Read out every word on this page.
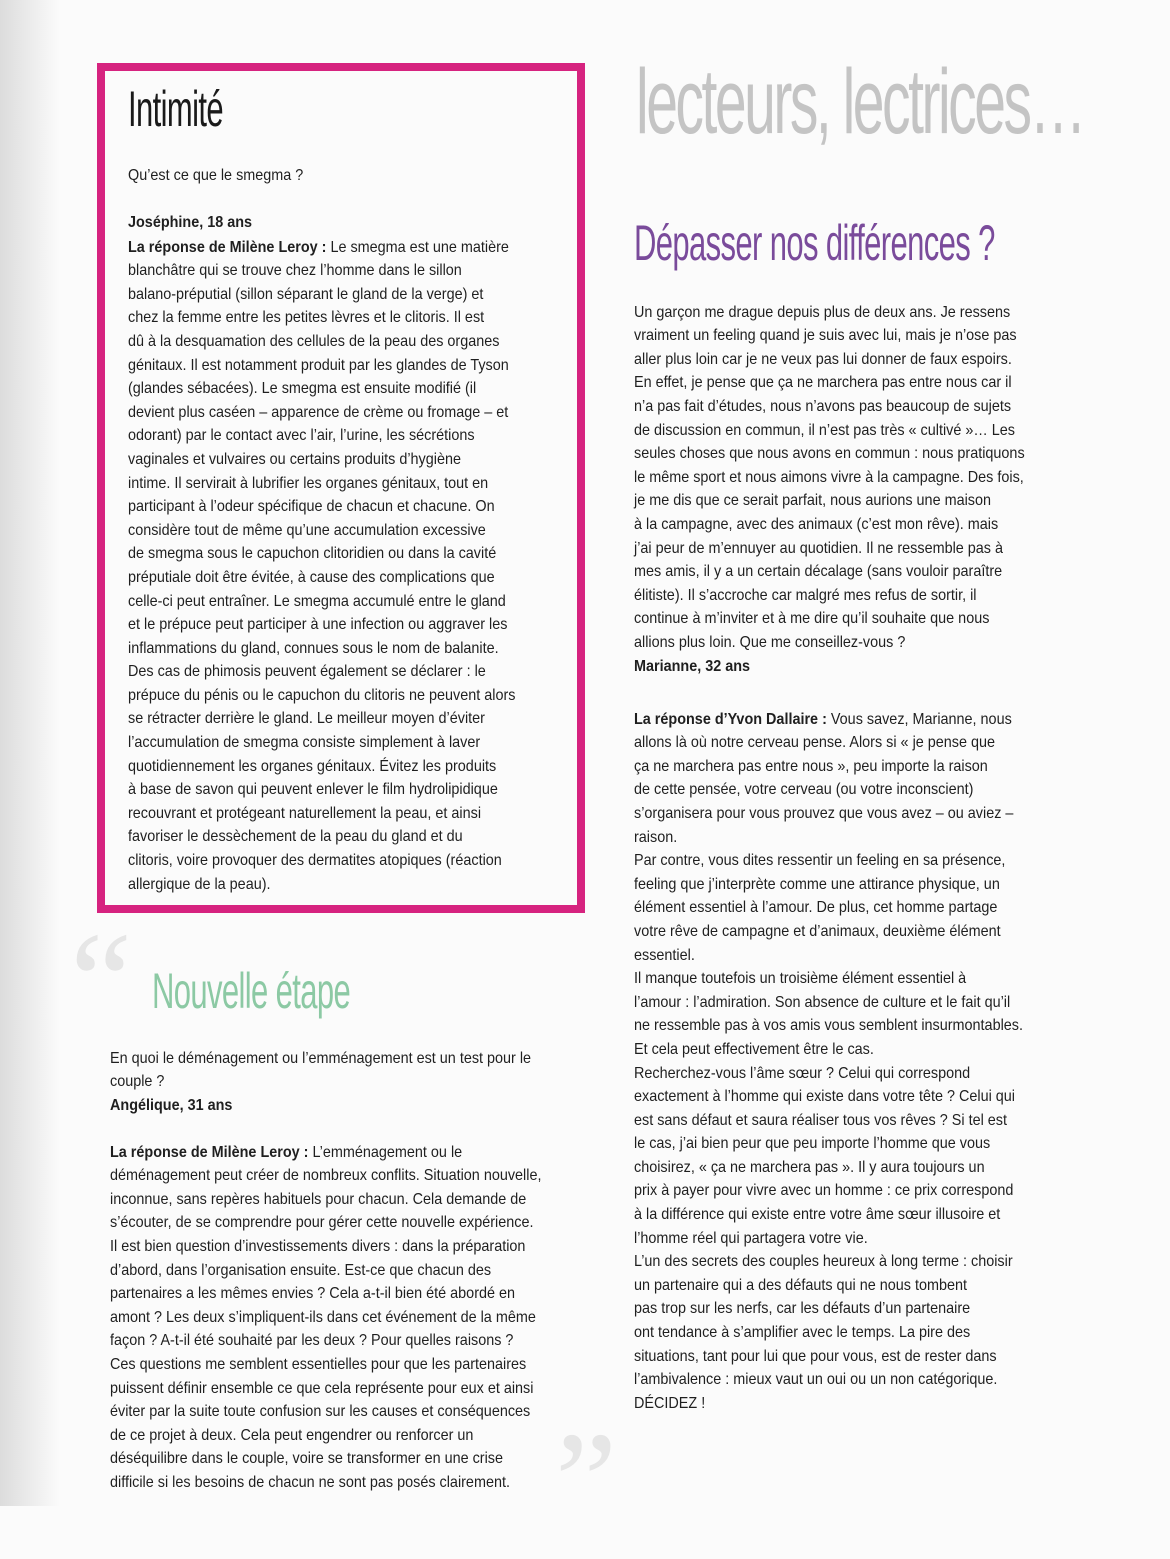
lecteurs, lectrices…
Intimité

Qu’est ce que le smegma ?

Joséphine, 18 ans

La réponse de Milène Leroy : Le smegma est une matière
blanchâtre qui se trouve chez l’homme dans le sillon
balano-préputial (sillon séparant le gland de la verge) et
chez la femme entre les petites lèvres et le clitoris. Il est
dû à la desquamation des cellules de la peau des organes
génitaux. Il est notamment produit par les glandes de Tyson
(glandes sébacées). Le smegma est ensuite modifié (il
devient plus caséen – apparence de crème ou fromage – et
odorant) par le contact avec l’air, l’urine, les sécrétions
vaginales et vulvaires ou certains produits d’hygiène
intime. Il servirait à lubrifier les organes génitaux, tout en
participant à l’odeur spécifique de chacun et chacune. On
considère tout de même qu’une accumulation excessive
de smegma sous le capuchon clitoridien ou dans la cavité
préputiale doit être évitée, à cause des complications que
celle-ci peut entraîner. Le smegma accumulé entre le gland
et le prépuce peut participer à une infection ou aggraver les
inflammations du gland, connues sous le nom de balanite.
Des cas de phimosis peuvent également se déclarer : le
prépuce du pénis ou le capuchon du clitoris ne peuvent alors
se rétracter derrière le gland. Le meilleur moyen d’éviter
l’accumulation de smegma consiste simplement à laver
quotidiennement les organes génitaux. Évitez les produits
à base de savon qui peuvent enlever le film hydrolipidique
recouvrant et protégeant naturellement la peau, et ainsi
favoriser le dessèchement de la peau du gland et du
clitoris, voire provoquer des dermatites atopiques (réaction
allergique de la peau).

Dépasser nos différences ?

Un garçon me drague depuis plus de deux ans. Je ressens
vraiment un feeling quand je suis avec lui, mais je n’ose pas
aller plus loin car je ne veux pas lui donner de faux espoirs.
En effet, je pense que ça ne marchera pas entre nous car il
n’a pas fait d’études, nous n’avons pas beaucoup de sujets
de discussion en commun, il n’est pas très « cultivé »… Les
seules choses que nous avons en commun : nous pratiquons
le même sport et nous aimons vivre à la campagne. Des fois,
je me dis que ce serait parfait, nous aurions une maison
à la campagne, avec des animaux (c’est mon rêve). mais
j’ai peur de m’ennuyer au quotidien. Il ne ressemble pas à
mes amis, il y a un certain décalage (sans vouloir paraître
élitiste). Il s’accroche car malgré mes refus de sortir, il
continue à m’inviter et à me dire qu’il souhaite que nous
allions plus loin. Que me conseillez-vous ?

Marianne, 32 ans

La réponse d’Yvon Dallaire : Vous savez, Marianne, nous
allons là où notre cerveau pense. Alors si « je pense que
ça ne marchera pas entre nous », peu importe la raison
de cette pensée, votre cerveau (ou votre inconscient)
s’organisera pour vous prouvez que vous avez – ou aviez –
raison.
Par contre, vous dites ressentir un feeling en sa présence,
feeling que j’interprète comme une attirance physique, un
élément essentiel à l’amour. De plus, cet homme partage
votre rêve de campagne et d’animaux, deuxième élément
essentiel.
Il manque toutefois un troisième élément essentiel à
l’amour : l’admiration. Son absence de culture et le fait qu’il
ne ressemble pas à vos amis vous semblent insurmontables.
Et cela peut effectivement être le cas.
Recherchez-vous l’âme sœur ? Celui qui correspond
exactement à l’homme qui existe dans votre tête ? Celui qui
est sans défaut et saura réaliser tous vos rêves ? Si tel est
le cas, j’ai bien peur que peu importe l’homme que vous
choisirez, « ça ne marchera pas ». Il y aura toujours un
prix à payer pour vivre avec un homme : ce prix correspond
à la différence qui existe entre votre âme sœur illusoire et
l’homme réel qui partagera votre vie.
L’un des secrets des couples heureux à long terme : choisir
un partenaire qui a des défauts qui ne nous tombent
pas trop sur les nerfs, car les défauts d’un partenaire
ont tendance à s’amplifier avec le temps. La pire des
situations, tant pour lui que pour vous, est de rester dans
l’ambivalence : mieux vaut un oui ou un non catégorique.
DÉCIDEZ !

“
”
Nouvelle étape

En quoi le déménagement ou l’emménagement est un test pour le
couple ?

Angélique, 31 ans

La réponse de Milène Leroy : L’emménagement ou le
déménagement peut créer de nombreux conflits. Situation nouvelle,
inconnue, sans repères habituels pour chacun. Cela demande de
s’écouter, de se comprendre pour gérer cette nouvelle expérience.
Il est bien question d’investissements divers : dans la préparation
d’abord, dans l’organisation ensuite. Est-ce que chacun des
partenaires a les mêmes envies ? Cela a-t-il bien été abordé en
amont ? Les deux s’impliquent-ils dans cet événement de la même
façon ? A-t-il été souhaité par les deux ? Pour quelles raisons ?
Ces questions me semblent essentielles pour que les partenaires
puissent définir ensemble ce que cela représente pour eux et ainsi
éviter par la suite toute confusion sur les causes et conséquences
de ce projet à deux. Cela peut engendrer ou renforcer un
déséquilibre dans le couple, voire se transformer en une crise
difficile si les besoins de chacun ne sont pas posés clairement.
